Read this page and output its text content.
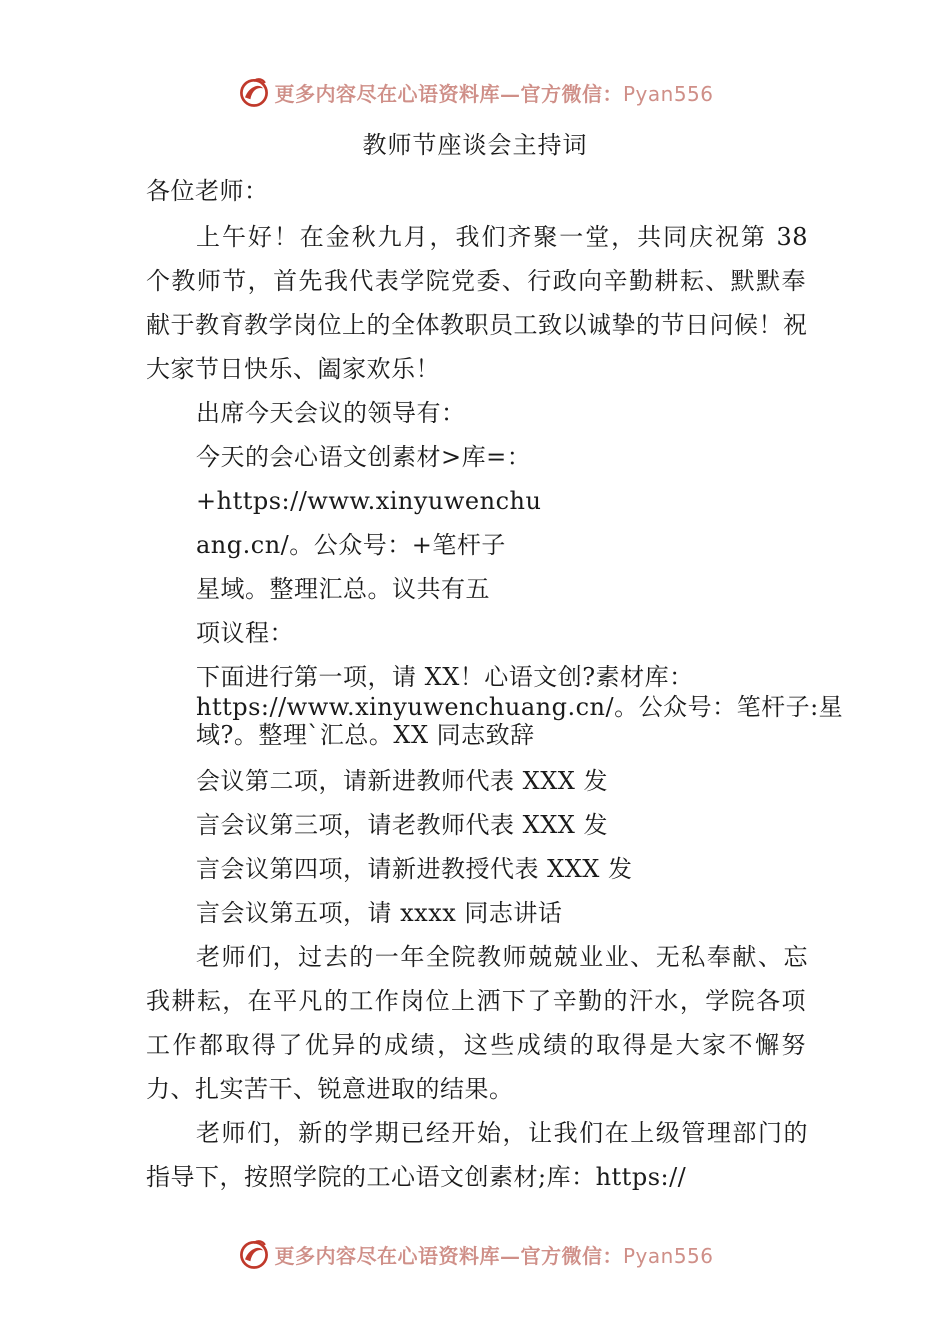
更多内容尽在心语资料库—官方微信：Pyan556
教师节座谈会主持词
各位老师：
上午好！在金秋九月，我们齐聚一堂，共同庆祝第 38
个教师节，首先我代表学院党委、行政向辛勤耕耘、默默奉
献于教育教学岗位上的全体教职员工致以诚挚的节日问候！祝
大家节日快乐、阖家欢乐！
出席今天会议的领导有：
今天的会心语文创素材>库=：
+https://www.xinyuwenchu
ang.cn/。公众号：+笔杆子
星域。整理汇总。议共有五
项议程：
下面进行第一项，请 XX！心语文创?素材库：
https://www.xinyuwenchuang.cn/。公众号：笔杆子:星
域?。整理`汇总。XX 同志致辞
会议第二项，请新进教师代表 XXX 发
言会议第三项，请老教师代表 XXX 发
言会议第四项，请新进教授代表 XXX 发
言会议第五项，请 xxxx 同志讲话
老师们，过去的一年全院教师兢兢业业、无私奉献、忘
我耕耘，在平凡的工作岗位上洒下了辛勤的汗水，学院各项
工作都取得了优异的成绩，这些成绩的取得是大家不懈努
力、扎实苦干、锐意进取的结果。
老师们，新的学期已经开始，让我们在上级管理部门的
指导下，按照学院的工心语文创素材;库：https://
更多内容尽在心语资料库—官方微信：Pyan556
